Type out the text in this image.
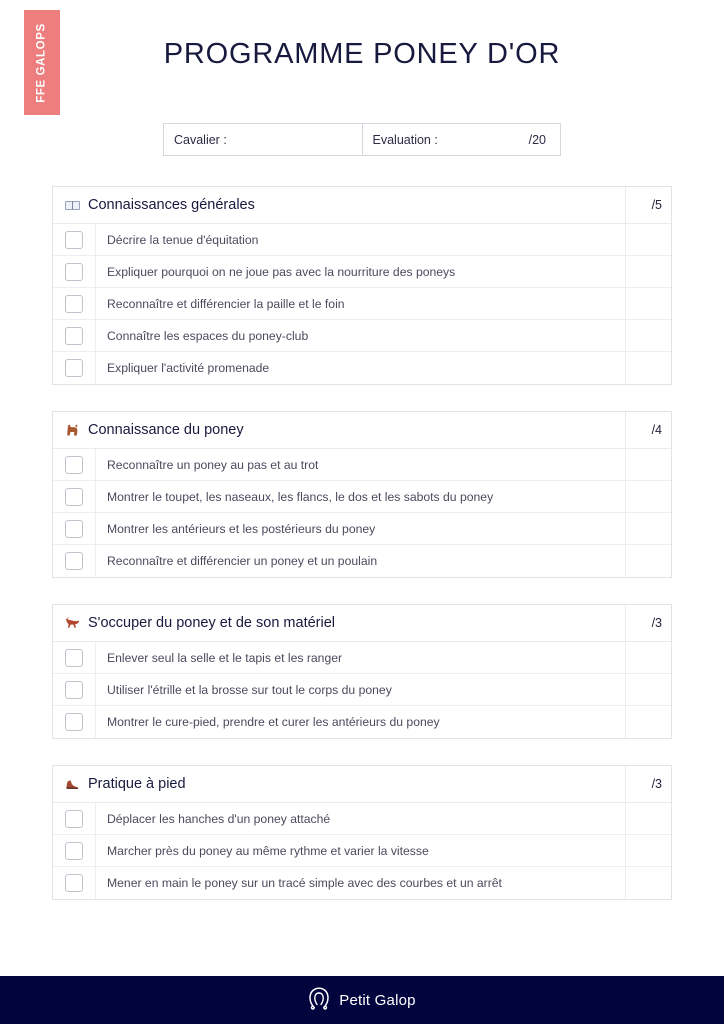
FFE GALOPS	PROGRAMME PONEY D'OR
Cavalier :	Evaluation :	/20
Connaissances générales	/5
Décrire la tenue d'équitation
Expliquer pourquoi on ne joue pas avec la nourriture des poneys
Reconnaître et différencier la paille et le foin
Connaître les espaces du poney-club
Expliquer l'activité promenade
Connaissance du poney	/4
Reconnaître un poney au pas et au trot
Montrer le toupet, les naseaux, les flancs, le dos et les sabots du poney
Montrer les antérieurs et les postérieurs du poney
Reconnaître et différencier un poney et un poulain
S'occuper du poney et de son matériel	/3
Enlever seul la selle et le tapis et les ranger
Utiliser l'étrille et la brosse sur tout le corps du poney
Montrer le cure-pied, prendre et curer les antérieurs du poney
Pratique à pied	/3
Déplacer les hanches d'un poney attaché
Marcher près du poney au même rythme et varier la vitesse
Mener en main le poney sur un tracé simple avec des courbes et un arrêt
Petit Galop
